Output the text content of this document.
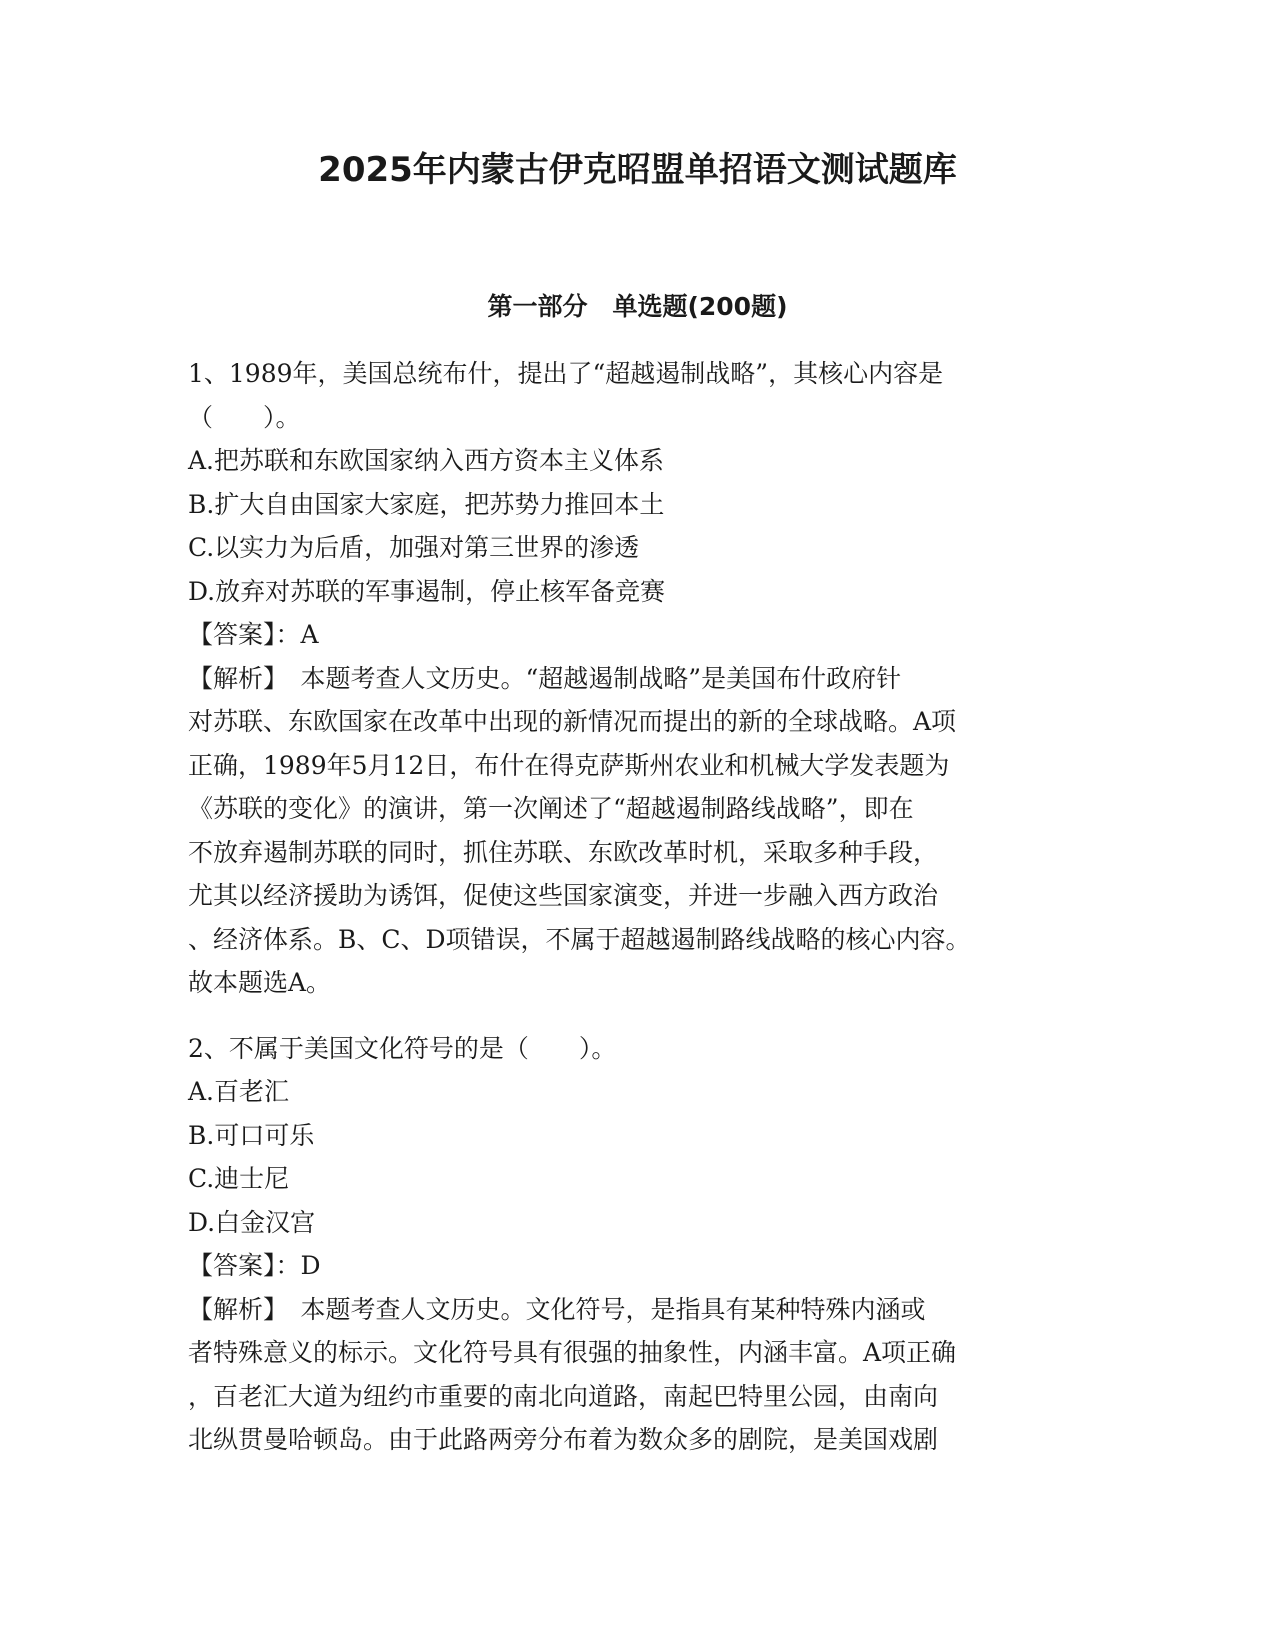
2025年内蒙古伊克昭盟单招语文测试题库
第一部分　单选题(200题)
1、1989年，美国总统布什，提出了“超越遏制战略”，其核心内容是
（　　）。
A.把苏联和东欧国家纳入西方资本主义体系
B.扩大自由国家大家庭，把苏势力推回本土
C.以实力为后盾，加强对第三世界的渗透
D.放弃对苏联的军事遏制，停止核军备竞赛
【答案】：A
【解析】　本题考查人文历史。“超越遏制战略”是美国布什政府针
对苏联、东欧国家在改革中出现的新情况而提出的新的全球战略。A项
正确，1989年5月12日，布什在得克萨斯州农业和机械大学发表题为
《苏联的变化》的演讲，第一次阐述了“超越遏制路线战略”，即在
不放弃遏制苏联的同时，抓住苏联、东欧改革时机，采取多种手段，
尤其以经济援助为诱饵，促使这些国家演变，并进一步融入西方政治
、经济体系。B、C、D项错误，不属于超越遏制路线战略的核心内容。
故本题选A。
2、不属于美国文化符号的是（　　）。
A.百老汇
B.可口可乐
C.迪士尼
D.白金汉宫
【答案】：D
【解析】　本题考查人文历史。文化符号，是指具有某种特殊内涵或
者特殊意义的标示。文化符号具有很强的抽象性，内涵丰富。A项正确
，百老汇大道为纽约市重要的南北向道路，南起巴特里公园，由南向
北纵贯曼哈顿岛。由于此路两旁分布着为数众多的剧院，是美国戏剧
